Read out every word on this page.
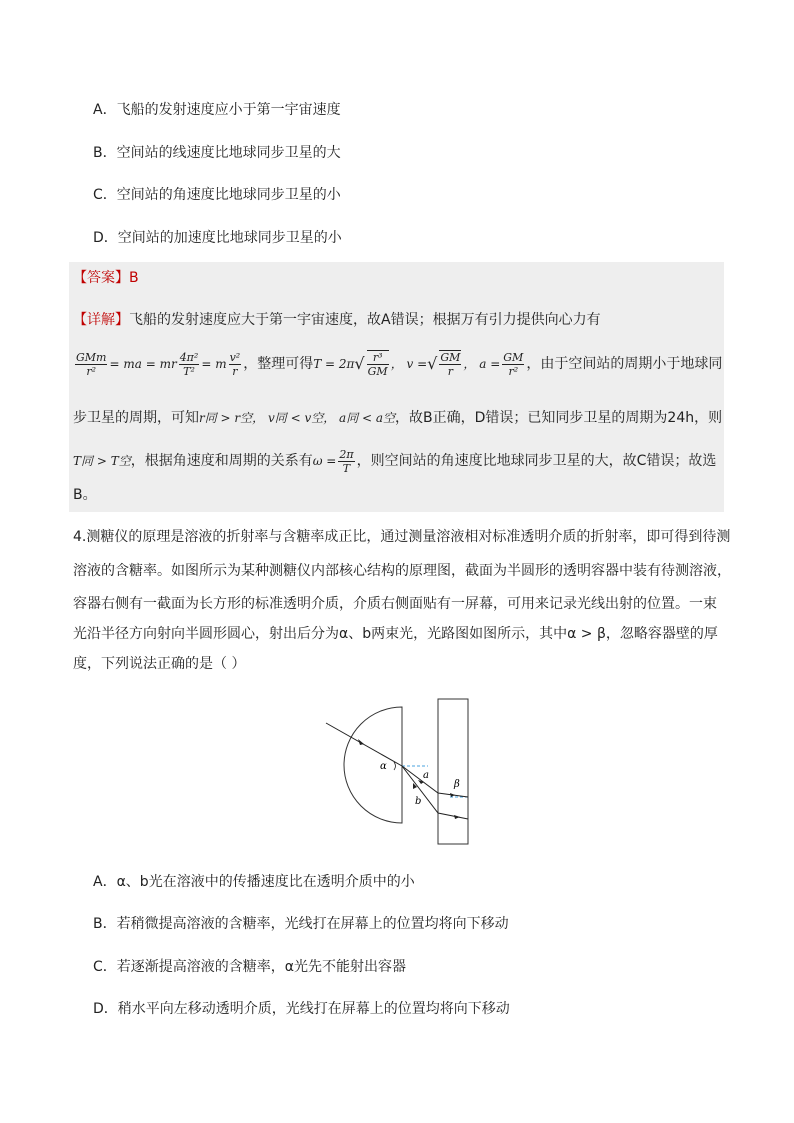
A．飞船的发射速度应小于第一宇宙速度
B．空间站的线速度比地球同步卫星的大
C．空间站的角速度比地球同步卫星的小
D．空间站的加速度比地球同步卫星的小
【答案】B
【详解】飞船的发射速度应大于第一宇宙速度，故A错误；根据万有引力提供向心力有
$\frac{\text{GMm}}{\text{r²}}$ = ma = mr $\frac{\text{4π²}}{\text{T²}} = m \frac{\text{v²}}{r}$ ，整理可得$T = 2\pi√ \frac{\text{r³}}{GM}$ ， v =√ $\frac{GM}{r}$ ， $a = \frac{GM}{\text{r²}}$ ，由于空间站的周期小于地球同
步卫星的周期，可知r同 > r空， v同 < v空， a同 < a空，故B正确，D错误；已知同步卫星的周期为24h，则
T同 > T空，根据角速度和周期的关系有$\omega = \frac{2\pi}{T}$ ，则空间站的角速度比地球同步卫星的大，故C错误；故选
B。
4.测糖仪的原理是溶液的折射率与含糖率成正比，通过测量溶液相对标准透明介质的折射率，即可得到待测
溶液的含糖率。如图所示为某种测糖仪内部核心结构的原理图，截面为半圆形的透明容器中装有待测溶液，
容器右侧有一截面为长方形的标准透明介质，介质右侧面贴有一屏幕，可用来记录光线出射的位置。一束
光沿半径方向射向半圆形圆心，射出后分为α、b两束光，光路图如图所示，其中α > β，忽略容器壁的厚
度，下列说法正确的是（ ）
α
a
b
β
A．α、b光在溶液中的传播速度比在透明介质中的小
B．若稍微提高溶液的含糖率，光线打在屏幕上的位置均将向下移动
C．若逐渐提高溶液的含糖率，α光先不能射出容器
D．稍水平向左移动透明介质，光线打在屏幕上的位置均将向下移动
